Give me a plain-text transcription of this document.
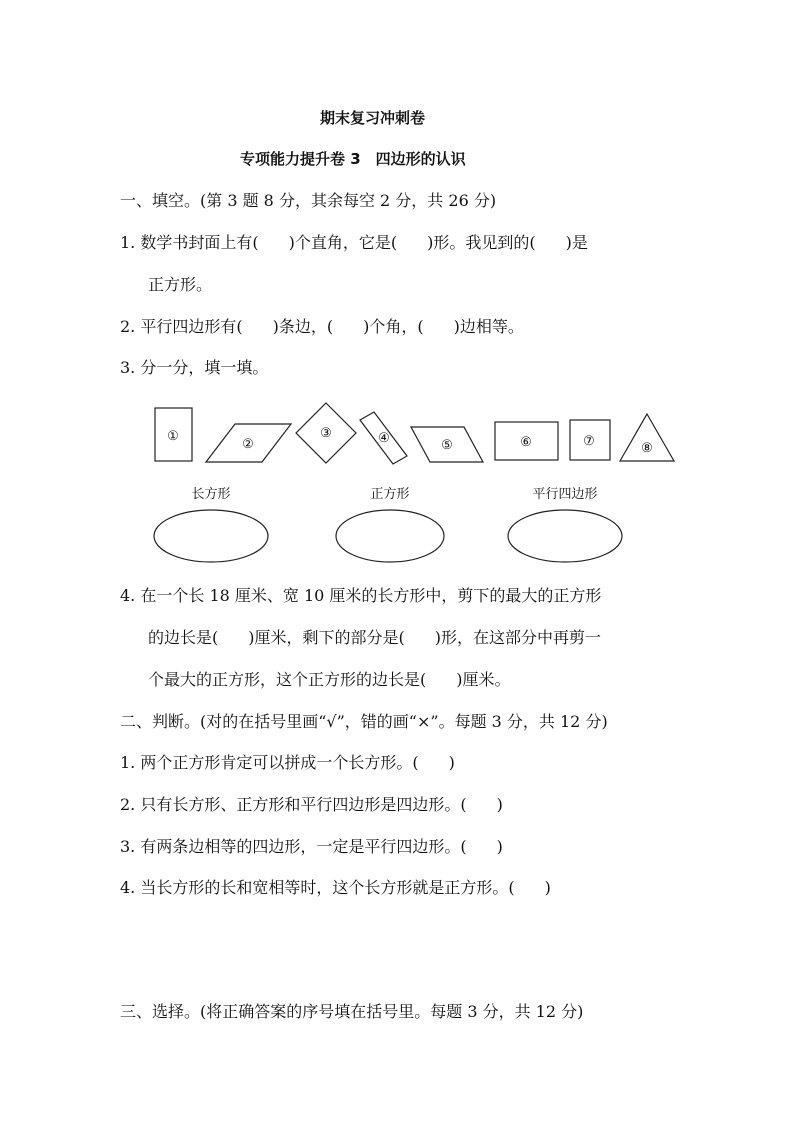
期末复习冲刺卷
专项能力提升卷 3　四边形的认识
一、填空。(第 3 题 8 分，其余每空 2 分，共 26 分)
1. 数学书封面上有( )个直角，它是( )形。我见到的( )是
正方形。
2. 平行四边形有( )条边，( )个角，( )边相等。
3. 分一分，填一填。
①
②
③	④	⑤	⑥	⑦	⑧
长方形	正方形	平行四边形
4. 在一个长 18 厘米、宽 10 厘米的长方形中，剪下的最大的正方形
的边长是( )厘米，剩下的部分是( )形，在这部分中再剪一
个最大的正方形，这个正方形的边长是( )厘米。
二、判断。(对的在括号里画“√”，错的画“×”。每题 3 分，共 12 分)
1. 两个正方形肯定可以拼成一个长方形。( )
2. 只有长方形、正方形和平行四边形是四边形。( )
3. 有两条边相等的四边形，一定是平行四边形。( )
4. 当长方形的长和宽相等时，这个长方形就是正方形。( )
三、选择。(将正确答案的序号填在括号里。每题 3 分，共 12 分)
